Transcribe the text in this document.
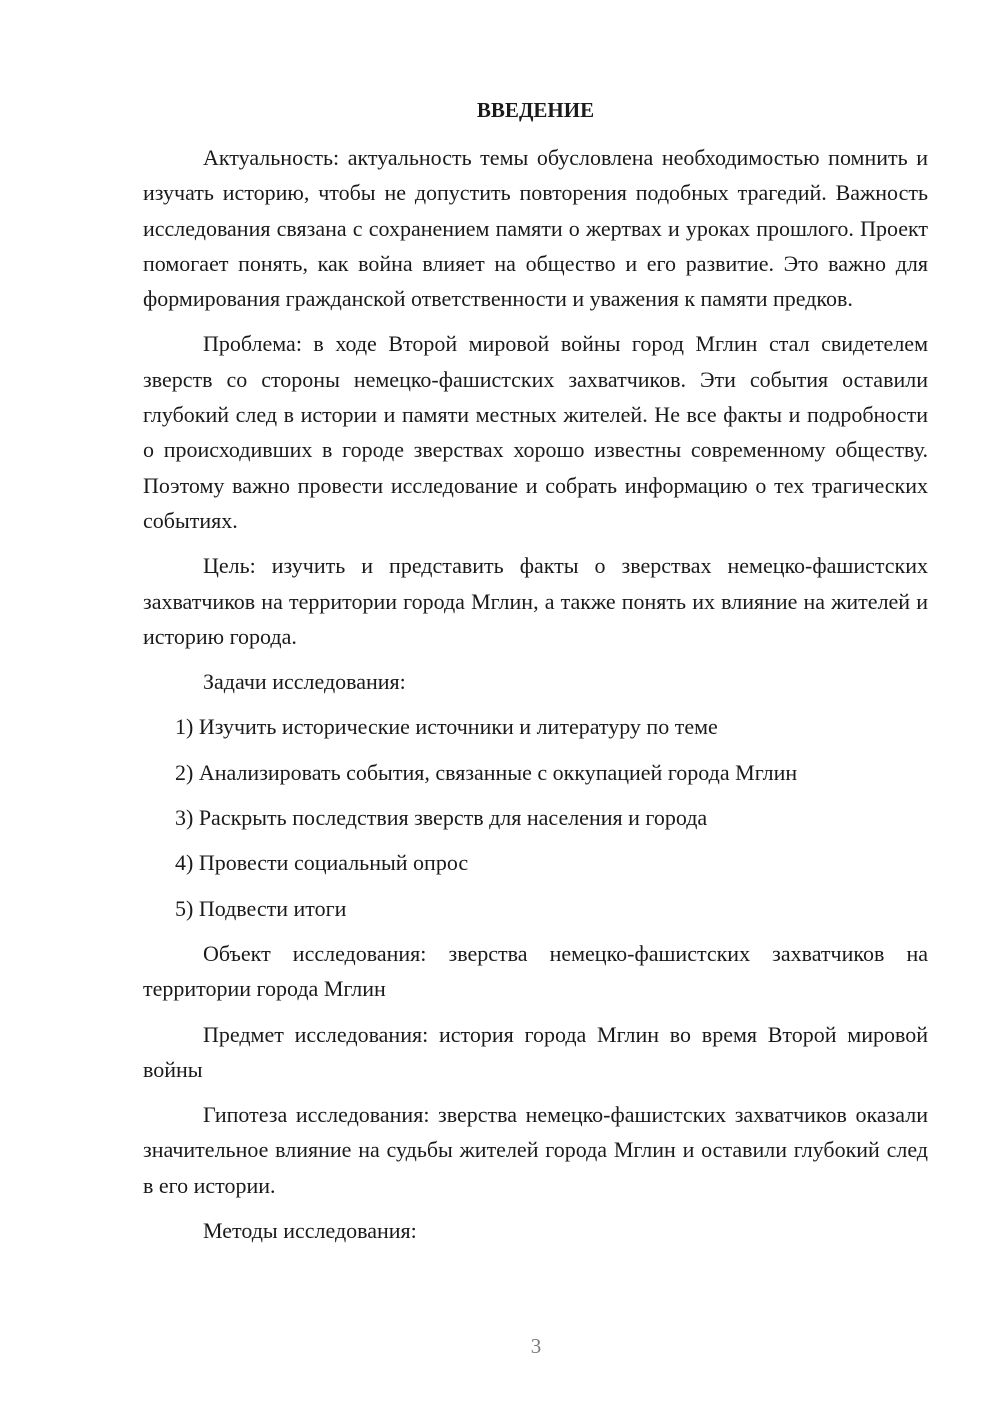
ВВЕДЕНИЕ
Актуальность: актуальность темы обусловлена необходимостью помнить и изучать историю, чтобы не допустить повторения подобных трагедий. Важность исследования связана с сохранением памяти о жертвах и уроках прошлого. Проект помогает понять, как война влияет на общество и его развитие. Это важно для формирования гражданской ответственности и уважения к памяти предков.
Проблема: в ходе Второй мировой войны город Мглин стал свидетелем зверств со стороны немецко-фашистских захватчиков. Эти события оставили глубокий след в истории и памяти местных жителей. Не все факты и подробности о происходивших в городе зверствах хорошо известны современному обществу. Поэтому важно провести исследование и собрать информацию о тех трагических событиях.
Цель: изучить и представить факты о зверствах немецко-фашистских захватчиков на территории города Мглин, а также понять их влияние на жителей и историю города.
Задачи исследования:
1) Изучить исторические источники и литературу по теме
2) Анализировать события, связанные с оккупацией города Мглин
3) Раскрыть последствия зверств для населения и города
4) Провести социальный опрос
5) Подвести итоги
Объект исследования: зверства немецко-фашистских захватчиков на территории города Мглин
Предмет исследования: история города Мглин во время Второй мировой войны
Гипотеза исследования: зверства немецко-фашистских захватчиков оказали значительное влияние на судьбы жителей города Мглин и оставили глубокий след в его истории.
Методы исследования:
3
